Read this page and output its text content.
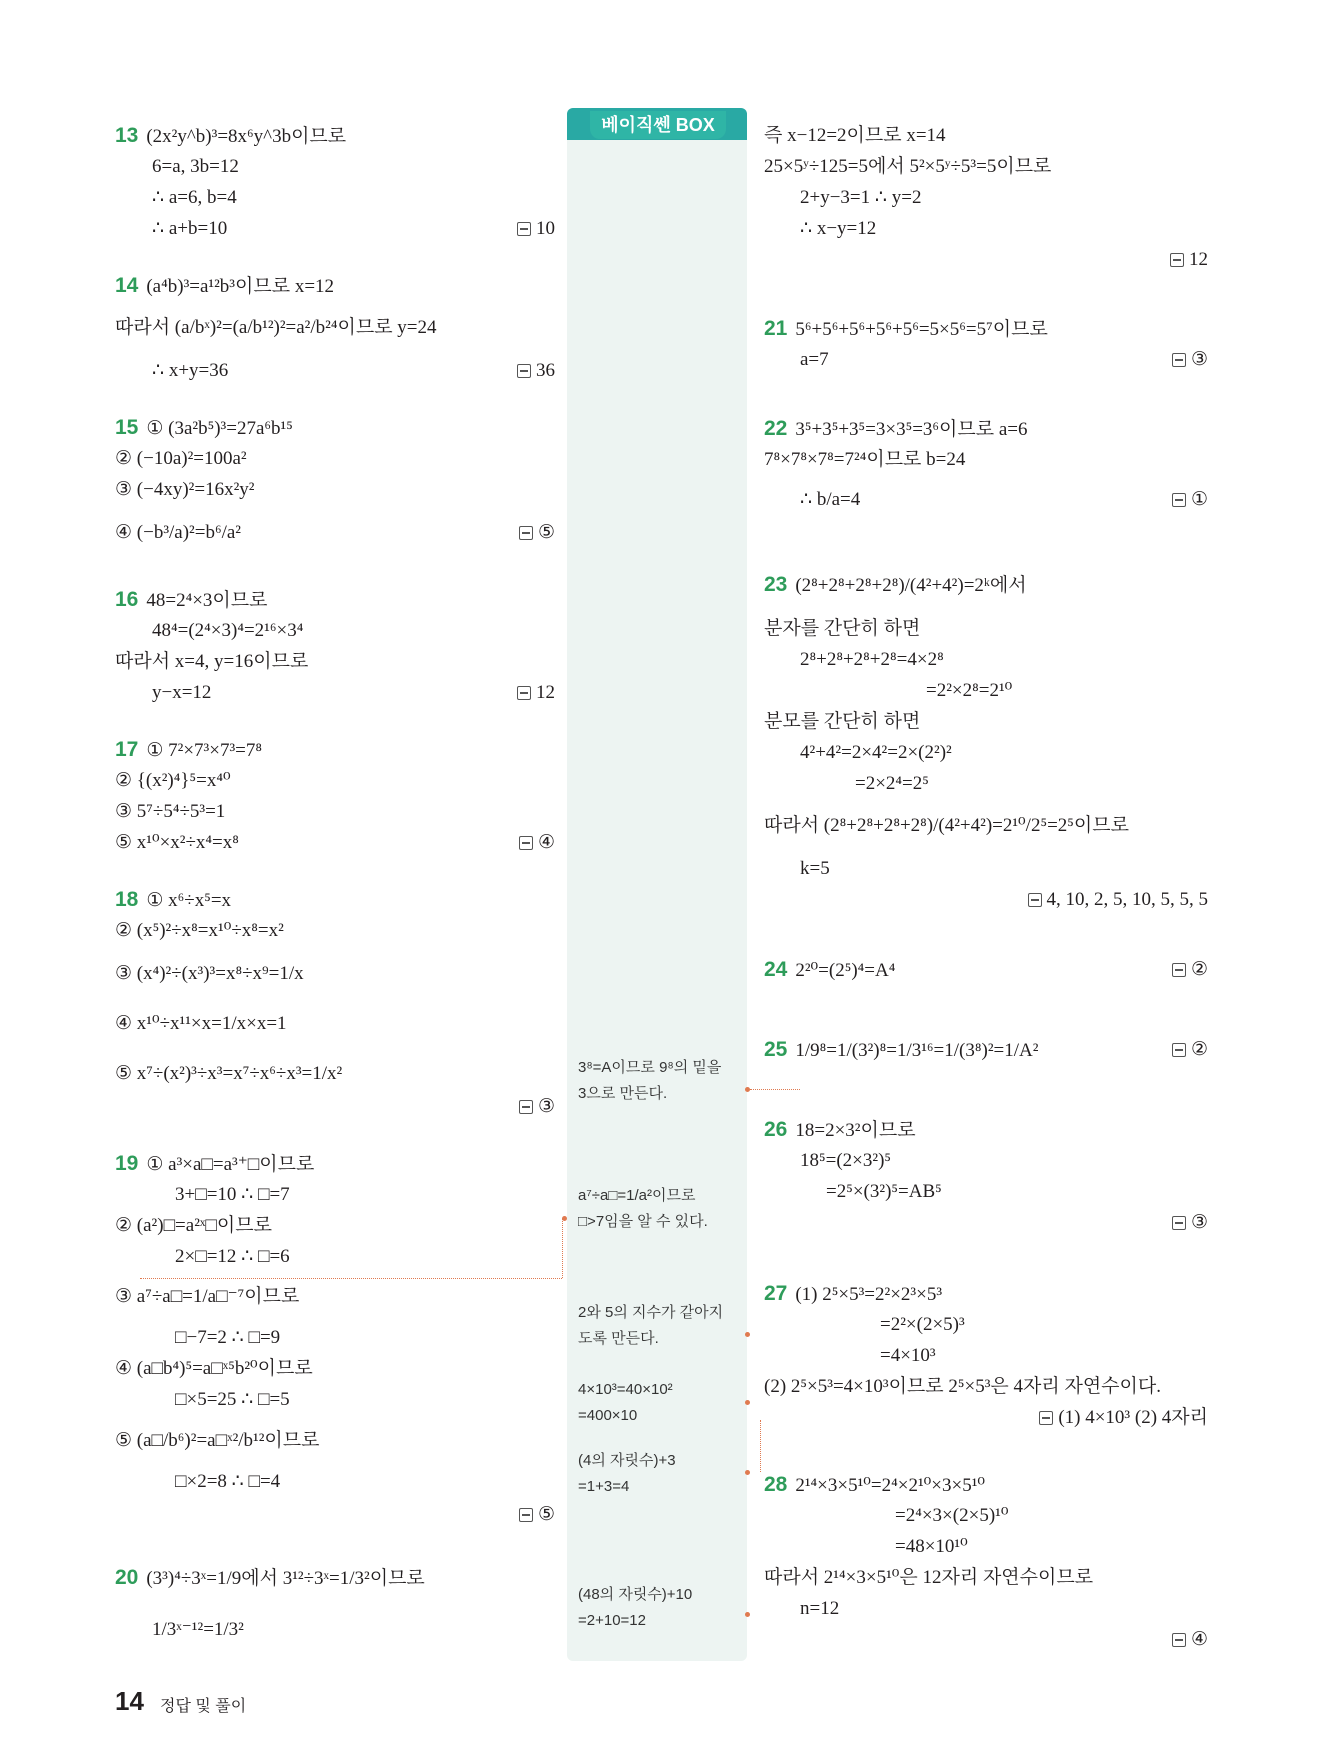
베이직쎈 BOX
13 (2x²y^b)³=8x⁶y^3b이므로
6=a, 3b=12
∴ a=6, b=4
∴ a+b=10	10
14 (a⁴b)³=a¹²b³이므로 x=12
따라서 (a/bˣ)²=(a/b¹²)²=a²/b²⁴이므로 y=24
∴ x+y=36	36
15 ① (3a²b⁵)³=27a⁶b¹⁵
② (−10a)²=100a²
③ (−4xy)²=16x²y²
④ (−b³/a)²=b⁶/a²	⑤
16 48=2⁴×3이므로
48⁴=(2⁴×3)⁴=2¹⁶×3⁴
따라서 x=4, y=16이므로
y−x=12	12
17 ① 7²×7³×7³=7⁸
② {(x²)⁴}⁵=x⁴⁰
③ 5⁷÷5⁴÷5³=1
⑤ x¹⁰×x²÷x⁴=x⁸	④
18 ① x⁶÷x⁵=x
② (x⁵)²÷x⁸=x¹⁰÷x⁸=x²
③ (x⁴)²÷(x³)³=x⁸÷x⁹=1/x
④ x¹⁰÷x¹¹×x=1/x×x=1
⑤ x⁷÷(x²)³÷x³=x⁷÷x⁶÷x³=1/x²
③
19 ① a³×a□=a³⁺□이므로
3+□=10 ∴ □=7
② (a²)□=a²ˣ□이므로
2×□=12 ∴ □=6
③ a⁷÷a□=1/a□⁻⁷이므로
□−7=2 ∴ □=9
④ (a□b⁴)⁵=a□ˣ⁵b²⁰이므로
□×5=25 ∴ □=5
⑤ (a□/b⁶)²=a□ˣ²/b¹²이므로
□×2=8 ∴ □=4
⑤
20 (3³)⁴÷3ˣ=1/9에서 3¹²÷3ˣ=1/3²이므로
1/3ˣ⁻¹²=1/3²
즉 x−12=2이므로 x=14
25×5ʸ÷125=5에서 5²×5ʸ÷5³=5이므로
2+y−3=1 ∴ y=2
∴ x−y=12
12
21 5⁶+5⁶+5⁶+5⁶+5⁶=5×5⁶=5⁷이므로
a=7	③
22 3⁵+3⁵+3⁵=3×3⁵=3⁶이므로 a=6
7⁸×7⁸×7⁸=7²⁴이므로 b=24
∴ b/a=4	①
23 (2⁸+2⁸+2⁸+2⁸)/(4²+4²)=2ᵏ에서
분자를 간단히 하면
2⁸+2⁸+2⁸+2⁸=4×2⁸
=2²×2⁸=2¹⁰
분모를 간단히 하면
4²+4²=2×4²=2×(2²)²
=2×2⁴=2⁵
따라서 (2⁸+2⁸+2⁸+2⁸)/(4²+4²)=2¹⁰/2⁵=2⁵이므로
k=5
4, 10, 2, 5, 10, 5, 5, 5
24 2²⁰=(2⁵)⁴=A⁴	②
25 1/9⁸=1/(3²)⁸=1/3¹⁶=1/(3⁸)²=1/A²	②
26 18=2×3²이므로
18⁵=(2×3²)⁵
=2⁵×(3²)⁵=AB⁵
③
27 (1) 2⁵×5³=2²×2³×5³
=2²×(2×5)³
=4×10³
(2) 2⁵×5³=4×10³이므로 2⁵×5³은 4자리 자연수이다.
(1) 4×10³ (2) 4자리
28 2¹⁴×3×5¹⁰=2⁴×2¹⁰×3×5¹⁰
=2⁴×3×(2×5)¹⁰
=48×10¹⁰
따라서 2¹⁴×3×5¹⁰은 12자리 자연수이므로
n=12
④
3⁸=A이므로 9⁸의 밑을
3으로 만든다.
a⁷÷a□=1/a²이므로
□>7임을 알 수 있다.
2와 5의 지수가 같아지
도록 만든다.
4×10³=40×10²
=400×10
(4의 자릿수)+3
=1+3=4
(48의 자릿수)+10
=2+10=12
14 정답 및 풀이
